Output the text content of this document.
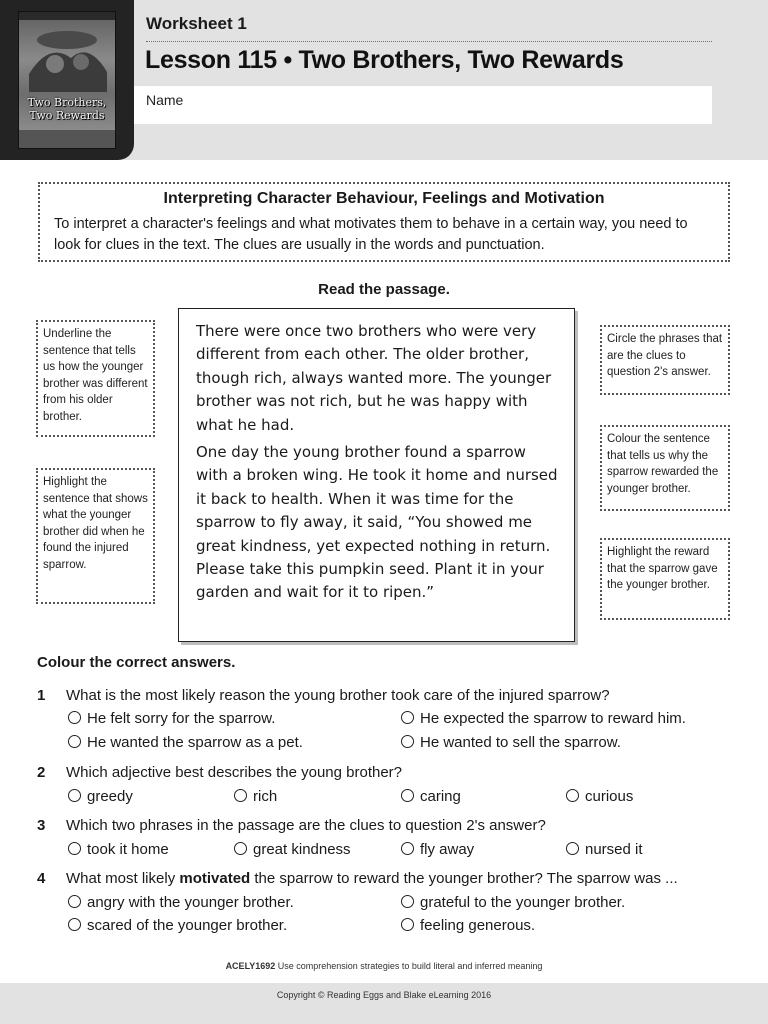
Two Brothers,
Two Rewards
Worksheet 1
Lesson 115 • Two Brothers, Two Rewards
Name
Interpreting Character Behaviour, Feelings and Motivation
To interpret a character's feelings and what motivates them to behave in a certain way, you need to look for clues in the text. The clues are usually in the words and punctuation.
Read the passage.

There were once two brothers who were very different from each other. The older brother, though rich, always wanted more. The younger brother was not rich, but he was happy with what he had.

One day the young brother found a sparrow with a broken wing. He took it home and nursed it back to health. When it was time for the sparrow to fly away, it said, “You showed me great kindness, yet expected nothing in return. Please take this pumpkin seed. Plant it in your garden and wait for it to ripen.”

Underline the sentence that tells us how the younger brother was different from his older brother.
Highlight the sentence that shows what the younger brother did when he found the injured sparrow.
Circle the phrases that are the clues to question 2's answer.
Colour the sentence that tells us why the sparrow rewarded the younger brother.
Highlight the reward that the sparrow gave the younger brother.
Colour the correct answers.
1 What is the most likely reason the young brother took care of the injured sparrow?
He felt sorry for the sparrow.	He expected the sparrow to reward him.
He wanted the sparrow as a pet.	He wanted to sell the sparrow.
2 Which adjective best describes the young brother?
greedy	rich	caring	curious
3 Which two phrases in the passage are the clues to question 2's answer?
took it home	great kindness	fly away	nursed it
4 What most likely motivated the sparrow to reward the younger brother? The sparrow was ...
angry with the younger brother.	grateful to the younger brother.
scared of the younger brother.	feeling generous.
ACELY1692 Use comprehension strategies to build literal and inferred meaning
Copyright © Reading Eggs and Blake eLearning 2016
